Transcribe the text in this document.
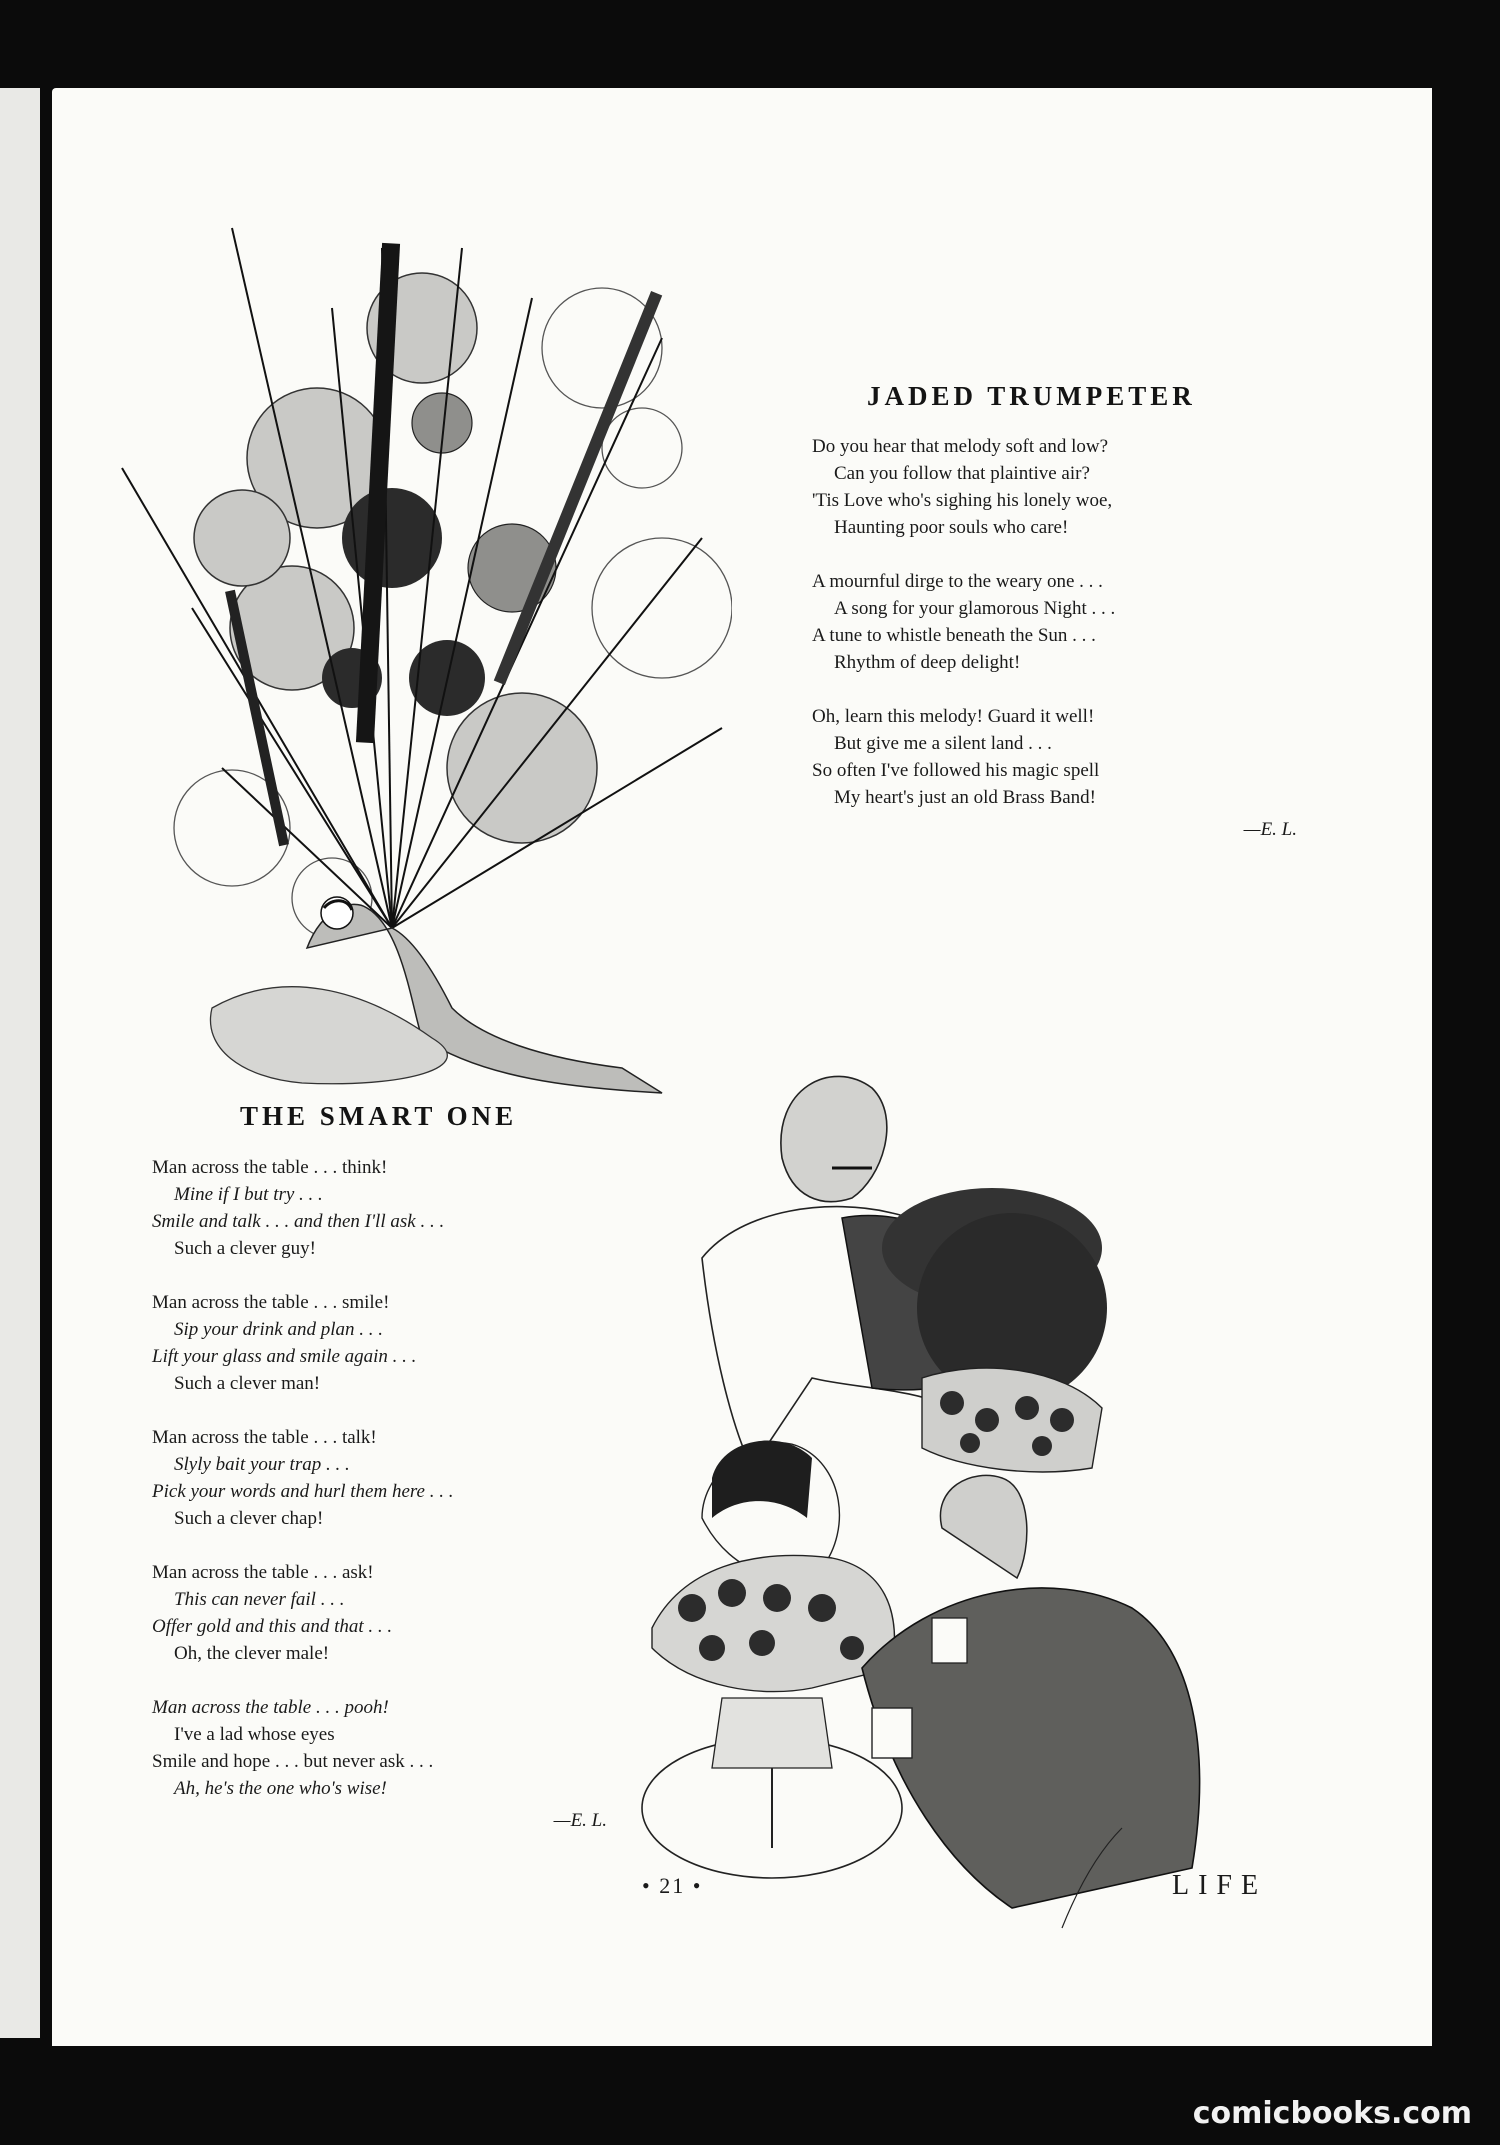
JADED TRUMPETER
Do you hear that melody soft and low?
Can you follow that plaintive air?
'Tis Love who's sighing his lonely woe,
Haunting poor souls who care!
A mournful dirge to the weary one . . .
A song for your glamorous Night . . .
A tune to whistle beneath the Sun . . .
Rhythm of deep delight!
Oh, learn this melody! Guard it well!
But give me a silent land . . .
So often I've followed his magic spell
My heart's just an old Brass Band!
—E. L.
THE SMART ONE
Man across the table . . . think!
Mine if I but try . . .
Smile and talk . . . and then I'll ask . . .
Such a clever guy!
Man across the table . . . smile!
Sip your drink and plan . . .
Lift your glass and smile again . . .
Such a clever man!
Man across the table . . . talk!
Slyly bait your trap . . .
Pick your words and hurl them here . . .
Such a clever chap!
Man across the table . . . ask!
This can never fail . . .
Offer gold and this and that . . .
Oh, the clever male!
Man across the table . . . pooh!
I've a lad whose eyes
Smile and hope . . . but never ask . . .
Ah, he's the one who's wise!
—E. L.
• 21 •	LIFE
comicbooks.com
